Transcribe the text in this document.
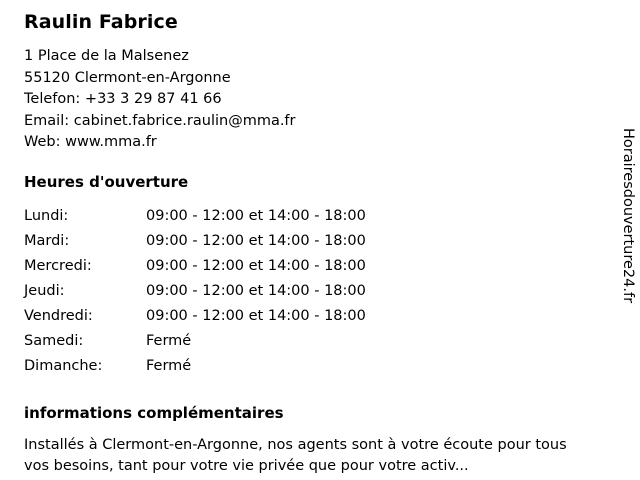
Raulin Fabrice
1 Place de la Malsenez
55120 Clermont-en-Argonne
Telefon: +33 3 29 87 41 66
Email: cabinet.fabrice.raulin@mma.fr
Web: www.mma.fr
Heures d'ouverture
Lundi:	09:00 - 12:00 et 14:00 - 18:00
Mardi:	09:00 - 12:00 et 14:00 - 18:00
Mercredi:	09:00 - 12:00 et 14:00 - 18:00
Jeudi:	09:00 - 12:00 et 14:00 - 18:00
Vendredi:	09:00 - 12:00 et 14:00 - 18:00
Samedi:	Fermé
Dimanche:	Fermé
informations complémentaires
Installés à Clermont-en-Argonne, nos agents sont à votre écoute pour tous vos besoins, tant pour votre vie privée que pour votre activ...
Horairesdouverture24.fr
